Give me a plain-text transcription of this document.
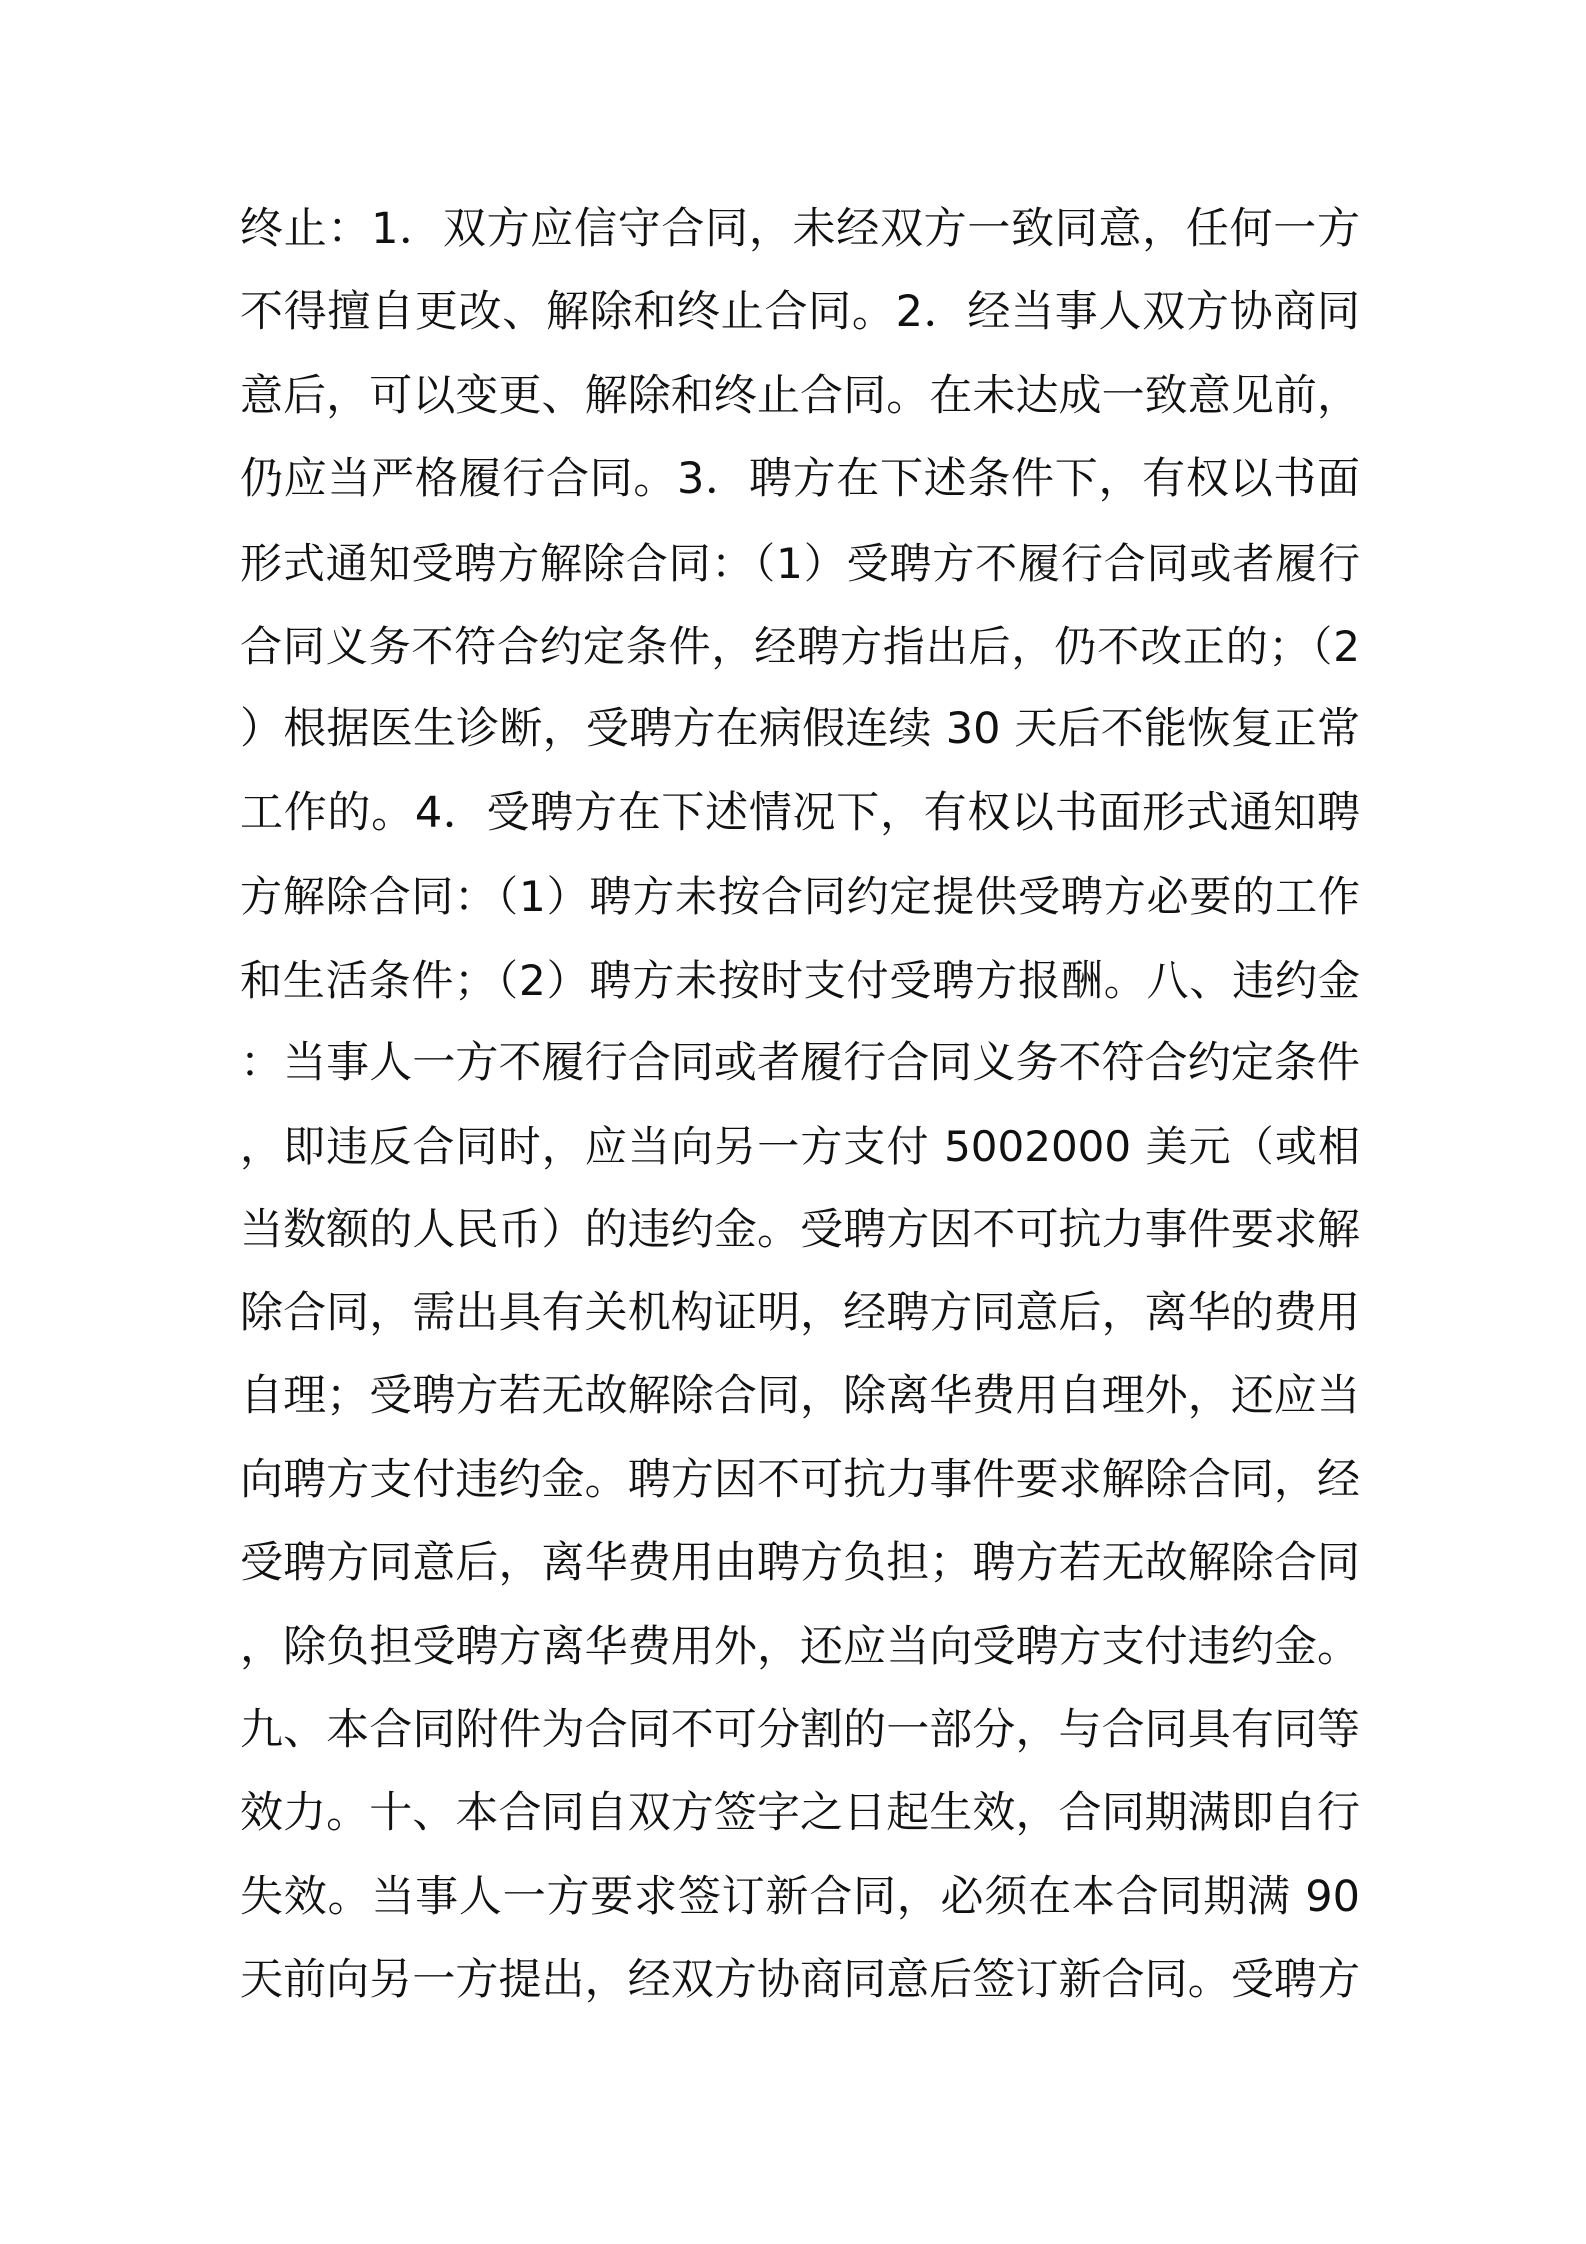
终止：1．双方应信守合同，未经双方一致同意，任何一方
不得擅自更改、解除和终止合同。2．经当事人双方协商同
意后，可以变更、解除和终止合同。在未达成一致意见前，
仍应当严格履行合同。3．聘方在下述条件下，有权以书面
形式通知受聘方解除合同：（1）受聘方不履行合同或者履行
合同义务不符合约定条件，经聘方指出后，仍不改正的；（2
）根据医生诊断，受聘方在病假连续 30 天后不能恢复正常
工作的。4．受聘方在下述情况下，有权以书面形式通知聘
方解除合同：（1）聘方未按合同约定提供受聘方必要的工作
和生活条件；（2）聘方未按时支付受聘方报酬。八、违约金
：当事人一方不履行合同或者履行合同义务不符合约定条件
，即违反合同时，应当向另一方支付 5002000 美元（或相
当数额的人民币）的违约金。受聘方因不可抗力事件要求解
除合同，需出具有关机构证明，经聘方同意后，离华的费用
自理；受聘方若无故解除合同，除离华费用自理外，还应当
向聘方支付违约金。聘方因不可抗力事件要求解除合同，经
受聘方同意后，离华费用由聘方负担；聘方若无故解除合同
，除负担受聘方离华费用外，还应当向受聘方支付违约金。
九、本合同附件为合同不可分割的一部分，与合同具有同等
效力。十、本合同自双方签字之日起生效，合同期满即自行
失效。当事人一方要求签订新合同，必须在本合同期满 90
天前向另一方提出，经双方协商同意后签订新合同。受聘方
